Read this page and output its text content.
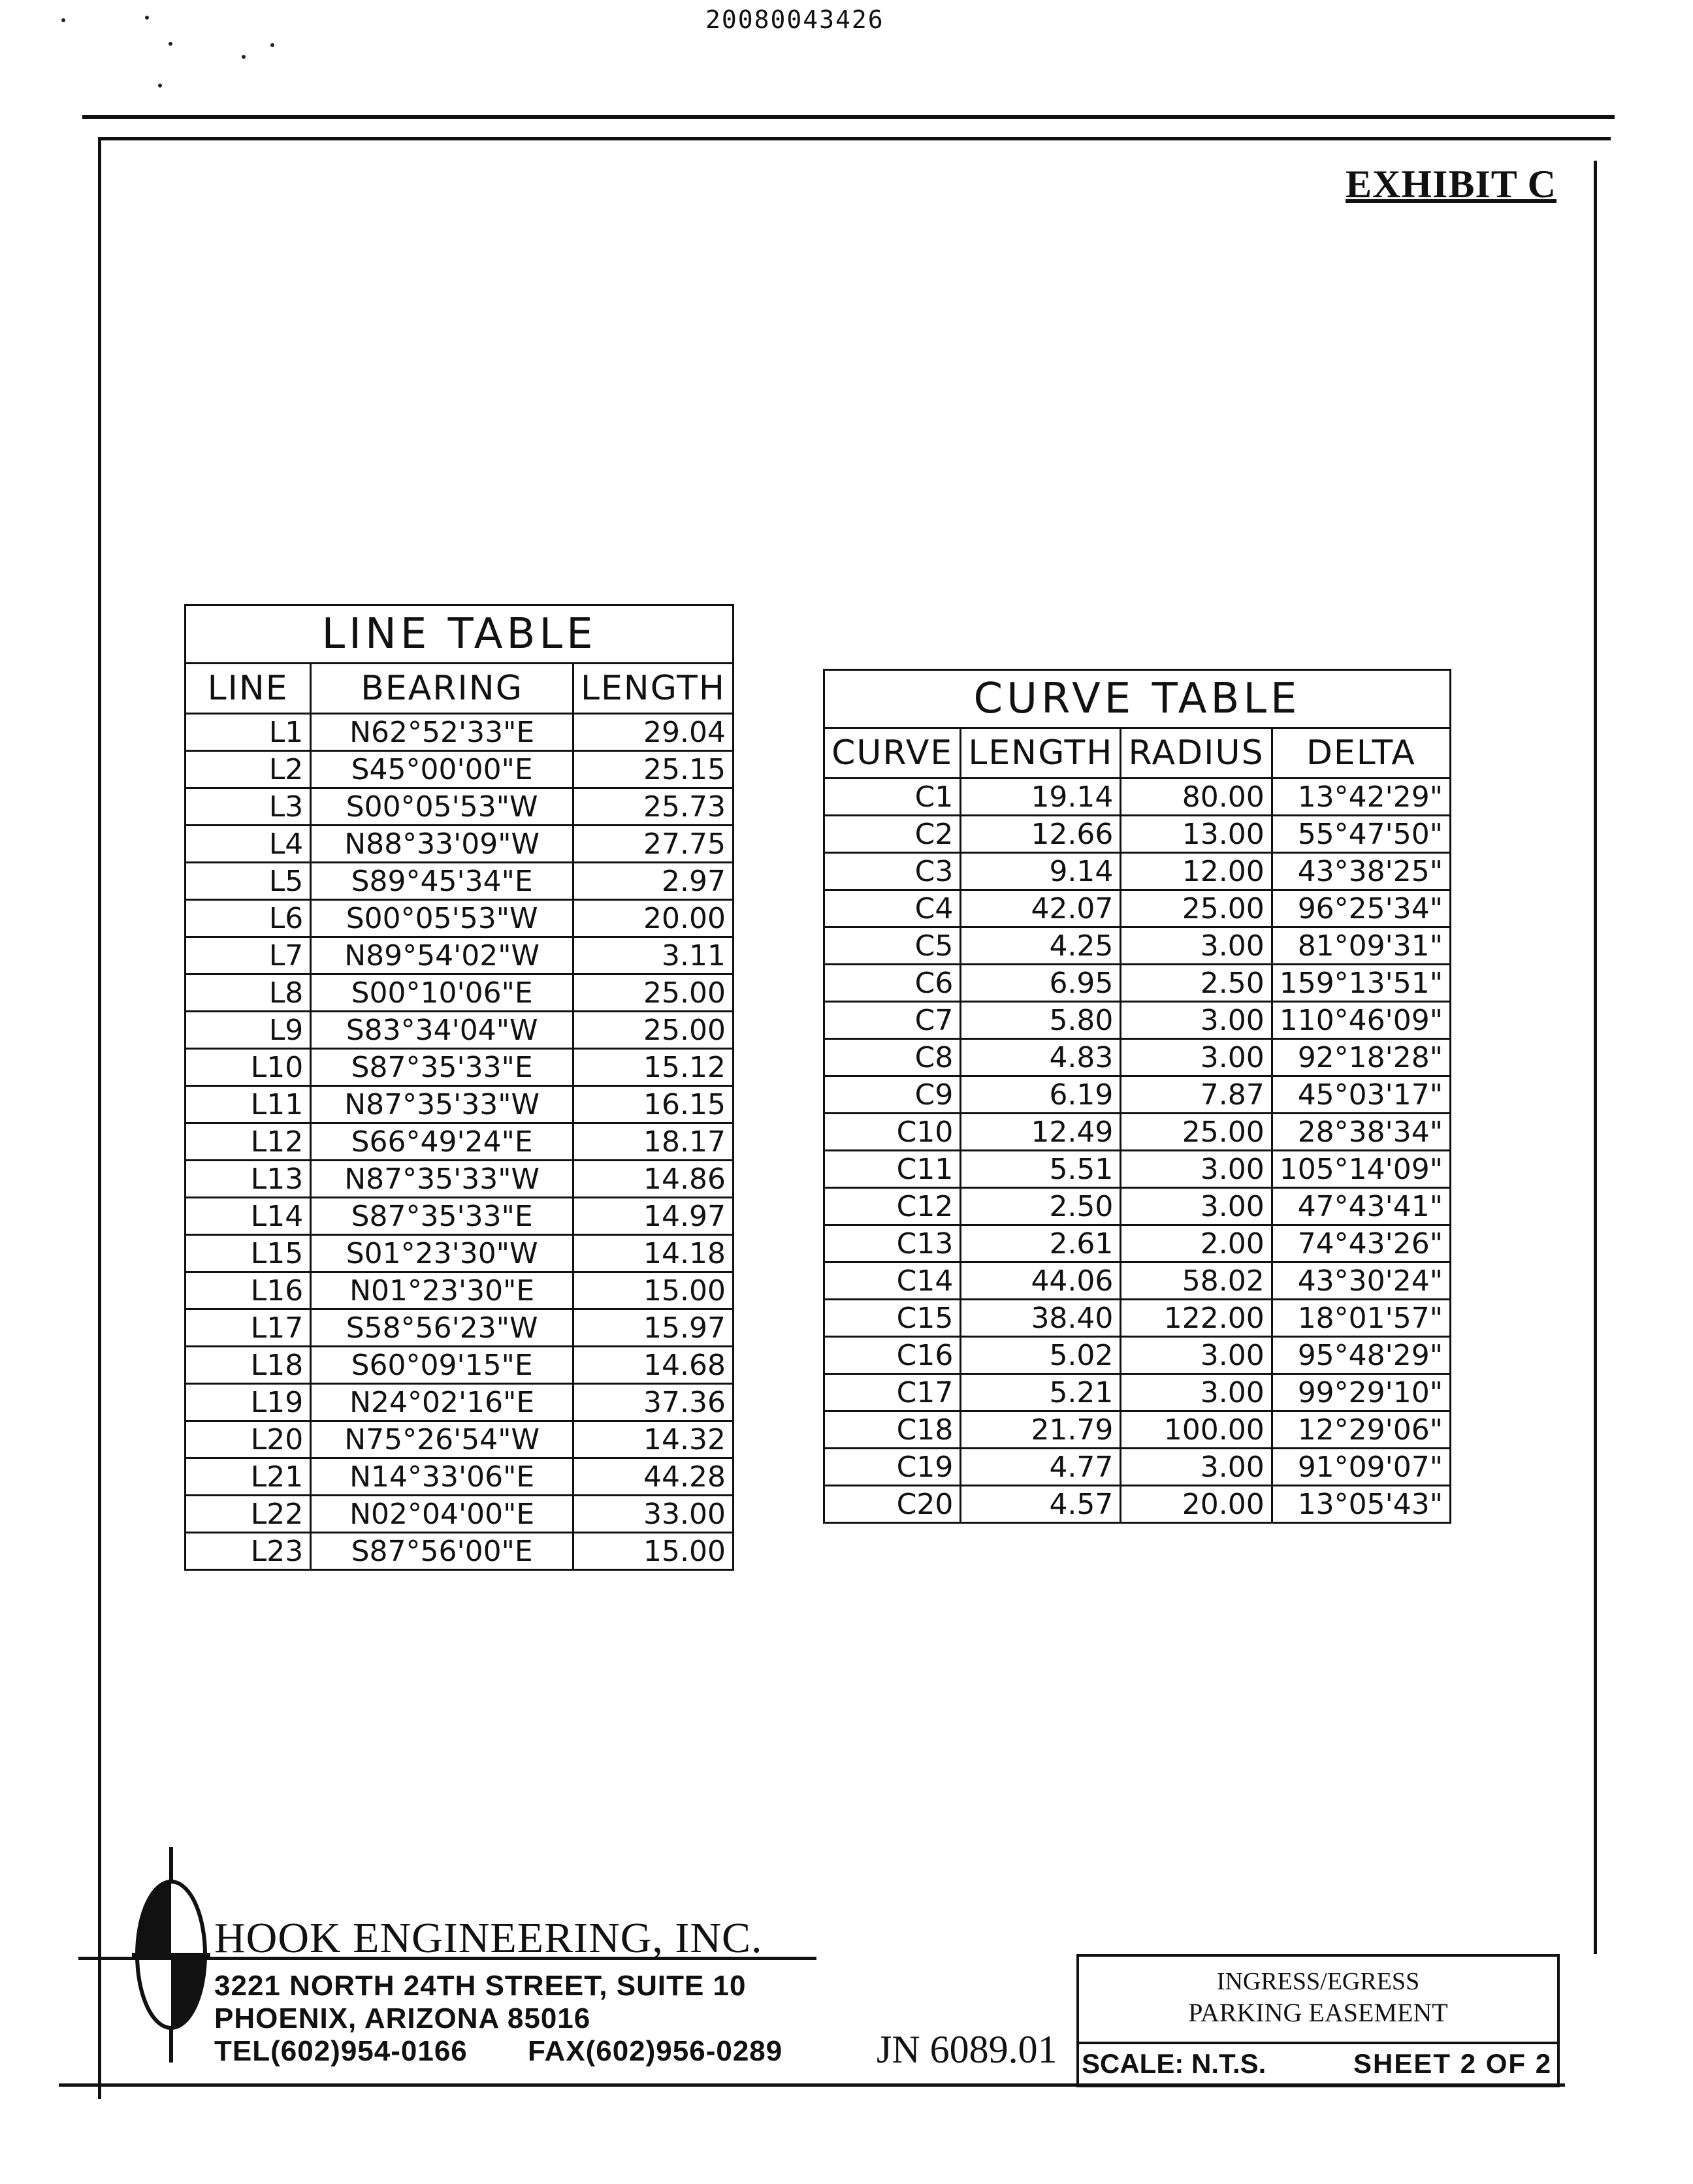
20080043426
EXHIBIT C
LINE TABLE		
LINE	BEARING	LENGTH
L1	N62°52'33"E	29.04
L2	S45°00'00"E	25.15
L3	S00°05'53"W	25.73
L4	N88°33'09"W	27.75
L5	S89°45'34"E	2.97
L6	S00°05'53"W	20.00
L7	N89°54'02"W	3.11
L8	S00°10'06"E	25.00
L9	S83°34'04"W	25.00
L10	S87°35'33"E	15.12
L11	N87°35'33"W	16.15
L12	S66°49'24"E	18.17
L13	N87°35'33"W	14.86
L14	S87°35'33"E	14.97
L15	S01°23'30"W	14.18
L16	N01°23'30"E	15.00
L17	S58°56'23"W	15.97
L18	S60°09'15"E	14.68
L19	N24°02'16"E	37.36
L20	N75°26'54"W	14.32
L21	N14°33'06"E	44.28
L22	N02°04'00"E	33.00
L23	S87°56'00"E	15.00
CURVE TABLE			
CURVE	LENGTH	RADIUS	DELTA
C1	19.14	80.00	13°42'29"
C2	12.66	13.00	55°47'50"
C3	9.14	12.00	43°38'25"
C4	42.07	25.00	96°25'34"
C5	4.25	3.00	81°09'31"
C6	6.95	2.50	159°13'51"
C7	5.80	3.00	110°46'09"
C8	4.83	3.00	92°18'28"
C9	6.19	7.87	45°03'17"
C10	12.49	25.00	28°38'34"
C11	5.51	3.00	105°14'09"
C12	2.50	3.00	47°43'41"
C13	2.61	2.00	74°43'26"
C14	44.06	58.02	43°30'24"
C15	38.40	122.00	18°01'57"
C16	5.02	3.00	95°48'29"
C17	5.21	3.00	99°29'10"
C18	21.79	100.00	12°29'06"
C19	4.77	3.00	91°09'07"
C20	4.57	20.00	13°05'43"
HOOK ENGINEERING, INC.
3221 NORTH 24TH STREET, SUITE 10
PHOENIX, ARIZONA 85016
TEL(602)954-0166 FAX(602)956-0289 JN 6089.01
INGRESS/EGRESS
PARKING EASEMENT
SCALE: N.T.S.	SHEET 2 OF 2
